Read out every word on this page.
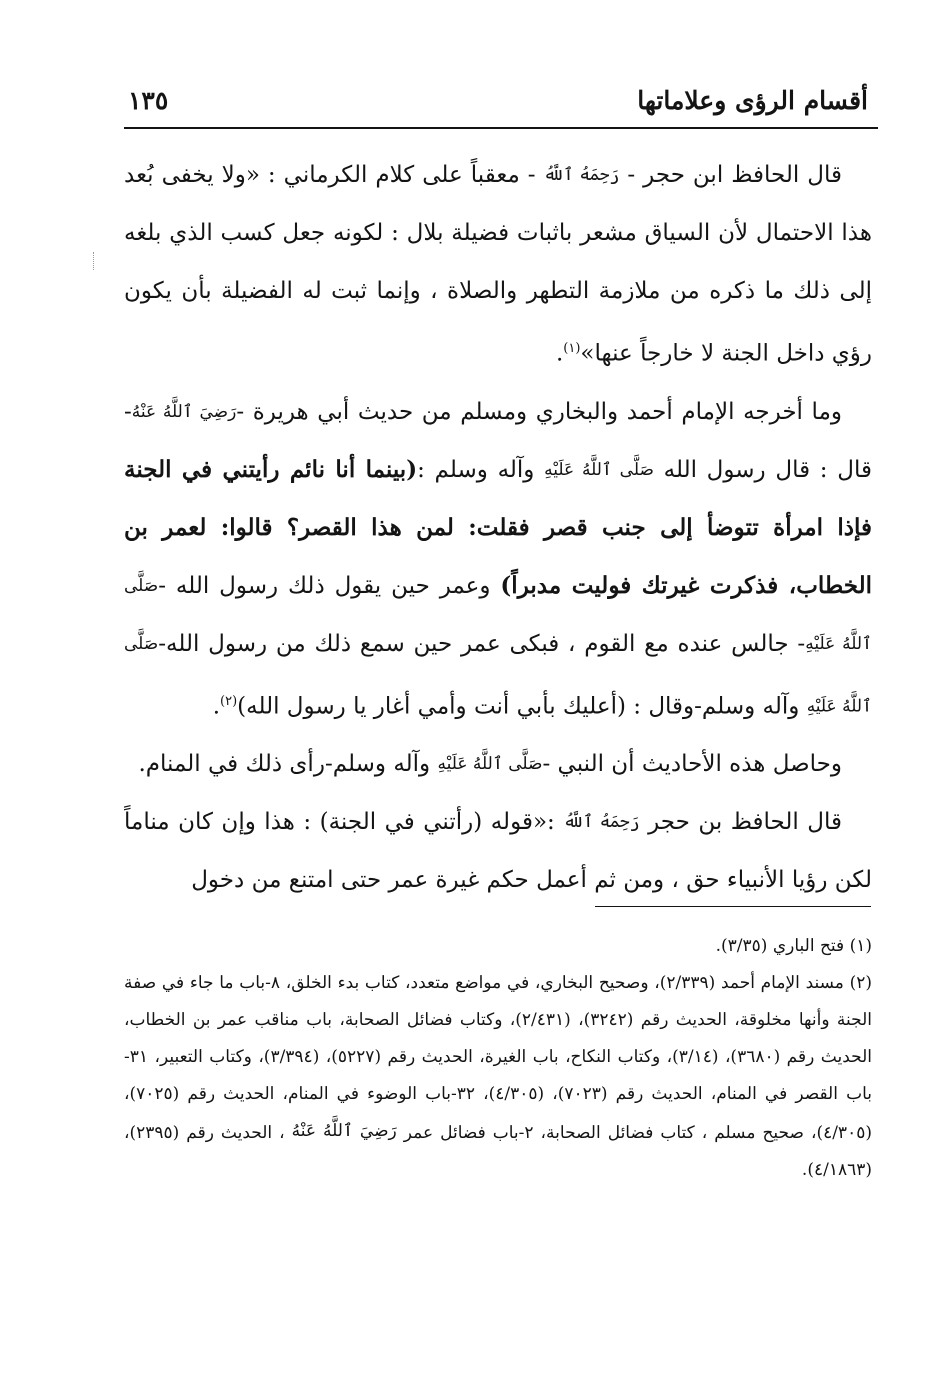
أقسام الرؤى وعلاماتها
١٣٥

قال الحافظ ابن حجر - رَحِمَهُ ٱللَّهُ - معقباً على كلام الكرماني : «ولا يخفى بُعد هذا الاحتمال لأن السياق مشعر باثبات فضيلة بلال : لكونه جعل كسب الذي بلغه إلى ذلك ما ذكره من ملازمة التطهر والصلاة ، وإنما ثبت له الفضيلة بأن يكون رؤي داخل الجنة لا خارجاً عنها»$^{(١)}$.

وما أخرجه الإمام أحمد والبخاري ومسلم من حديث أبي هريرة -رَضِيَ ٱللَّهُ عَنْهُ- قال : قال رسول الله صَلَّى ٱللَّهُ عَلَيْهِ وآله وسلم :(بينما أنا نائم رأيتني في الجنة فإذا امرأة تتوضأ إلى جنب قصر فقلت: لمن هذا القصر؟ قالوا: لعمر بن الخطاب، فذكرت غيرتك فوليت مدبراً) وعمر حين يقول ذلك رسول الله -صَلَّى ٱللَّهُ عَلَيْهِ- جالس عنده مع القوم ، فبكى عمر حين سمع ذلك من رسول الله-صَلَّى ٱللَّهُ عَلَيْهِ وآله وسلم-وقال : (أعليك بأبي أنت وأمي أغار يا رسول الله)$^{(٢)}$.

وحاصل هذه الأحاديث أن النبي -صَلَّى ٱللَّهُ عَلَيْهِ وآله وسلم-رأى ذلك في المنام.

قال الحافظ بن حجر رَحِمَهُ ٱللَّهُ :«قوله (رأتني في الجنة) : هذا وإن كان مناماً لكن رؤيا الأنبياء حق ، ومن ثم أعمل حكم غيرة عمر حتى امتنع من دخول

(١) فتح الباري (٣/٣٥).

(٢) مسند الإمام أحمد (٢/٣٣٩)، وصحيح البخاري، في مواضع متعدد، كتاب بدء الخلق، ٨-باب ما جاء في صفة الجنة وأنها مخلوقة، الحديث رقم (٣٢٤٢)، (٢/٤٣١)، وكتاب فضائل الصحابة، باب مناقب عمر بن الخطاب، الحديث رقم (٣٦٨٠)، (٣/١٤)، وكتاب النكاح، باب الغيرة، الحديث رقم (٥٢٢٧)، (٣/٣٩٤)، وكتاب التعبير، ٣١-باب القصر في المنام، الحديث رقم (٧٠٢٣)، (٤/٣٠٥)، ٣٢-باب الوضوء في المنام، الحديث رقم (٧٠٢٥)، (٤/٣٠٥)، صحيح مسلم ، كتاب فضائل الصحابة، ٢-باب فضائل عمر رَضِيَ ٱللَّهُ عَنْهُ ، الحديث رقم (٢٣٩٥)، (٤/١٨٦٣).
